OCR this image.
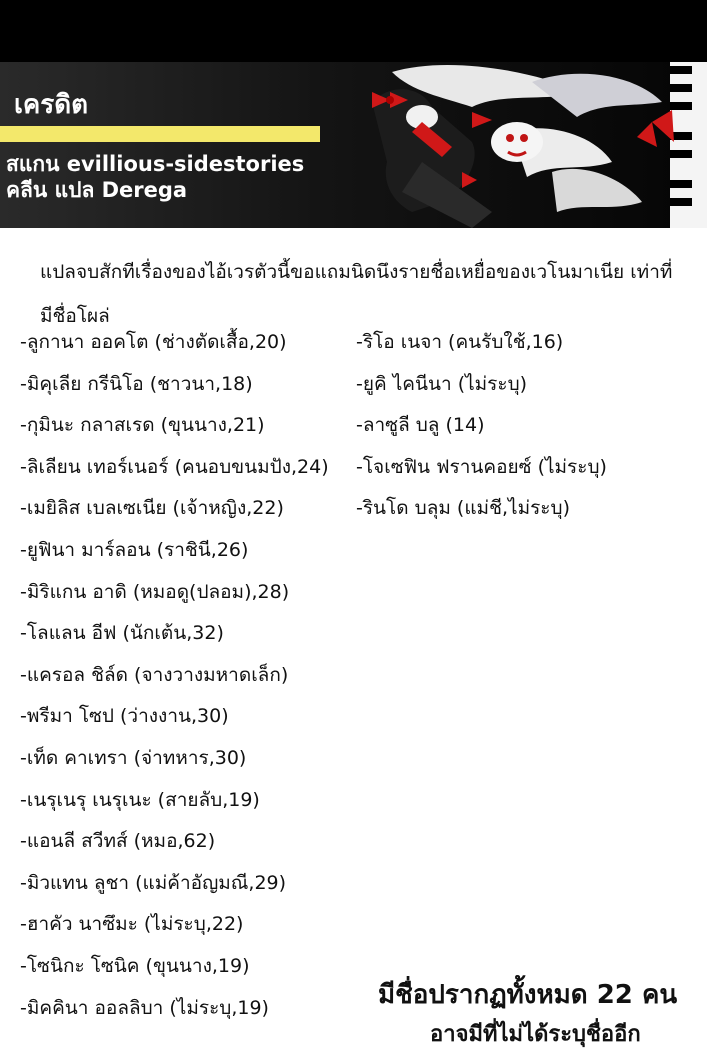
เครดิต
สแกน evillious-sidestories
คลีน แปล Derega
แปลจบสักทีเรื่องของไอ้เวรตัวนี้ขอแถมนิดนึงรายชื่อเหยื่อของเวโนมาเนีย เท่าที่มีชื่อโผล่
-ลูกานา ออคโต (ช่างตัดเสื้อ,20)
-มิคุเลีย กรีนิโอ (ชาวนา,18)
-กุมินะ กลาสเรด (ขุนนาง,21)
-ลิเลียน เทอร์เนอร์ (คนอบขนมปัง,24)
-เมยิลิส เบลเซเนีย (เจ้าหญิง,22)
-ยูฟินา มาร์ลอน (ราชินี,26)
-มิริแกน อาดิ (หมอดู(ปลอม),28)
-โลแลน อีฟ (นักเต้น,32)
-แครอล ชิล์ด (จางวางมหาดเล็ก)
-พรีมา โซป (ว่างงาน,30)
-เท็ด คาเทรา (จ่าทหาร,30)
-เนรุเนรุ เนรุเนะ (สายลับ,19)
-แอนลี สวีทส์ (หมอ,62)
-มิวแทน ลูชา (แม่ค้าอัญมณี,29)
-ฮาคัว นาซึมะ (ไม่ระบุ,22)
-โซนิกะ โซนิค (ขุนนาง,19)
-มิคคินา ออลลิบา (ไม่ระบุ,19)
-ริโอ เนจา (คนรับใช้,16)
-ยูคิ ไคนีนา (ไม่ระบุ)
-ลาซูลี บลู (14)
-โจเซฟิน ฟรานคอยซ์ (ไม่ระบุ)
-รินโด บลุม (แม่ชี,ไม่ระบุ)
มีชื่อปรากฏทั้งหมด 22 คน
อาจมีที่ไม่ได้ระบุชื่ออีก
